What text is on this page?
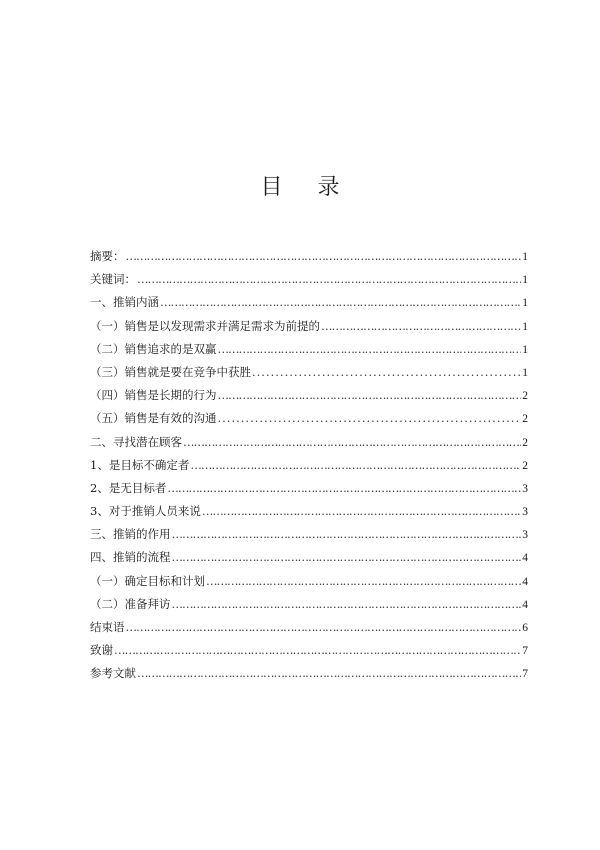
目 录
摘要： ………………………………………………………………………………………………………………………………………………………………	1
关键词： ………………………………………………………………………………………………………………………………………………………………	1
一、推销内涵 ………………………………………………………………………………………………………………………………………………………………	1
（一）销售是以发现需求并满足需求为前提的 ………………………………………………………………………………………………………………………………………………………………	1
（二）销售追求的是双赢 ………………………………………………………………………………………………………………………………………………………………	1
（三）销售就是要在竞争中获胜 .....	1
（四）销售是长期的行为 ………………………………………………………………………………………………………………………………………………………………	2
（五）销售是有效的沟通 .....	2
二、寻找潜在顾客 ………………………………………………………………………………………………………………………………………………………………	2
1、是目标不确定者 ………………………………………………………………………………………………………………………………………………………………	2
2、是无目标者 ………………………………………………………………………………………………………………………………………………………………	3
3、对于推销人员来说 ………………………………………………………………………………………………………………………………………………………………	3
三、推销的作用 ………………………………………………………………………………………………………………………………………………………………	3
四、推销的流程 ………………………………………………………………………………………………………………………………………………………………	4
（一）确定目标和计划 ………………………………………………………………………………………………………………………………………………………………	4
（二）准备拜访 ………………………………………………………………………………………………………………………………………………………………	4
结束语 ………………………………………………………………………………………………………………………………………………………………	6
致谢 ………………………………………………………………………………………………………………………………………………………………	7
参考文献 ………………………………………………………………………………………………………………………………………………………………	7
